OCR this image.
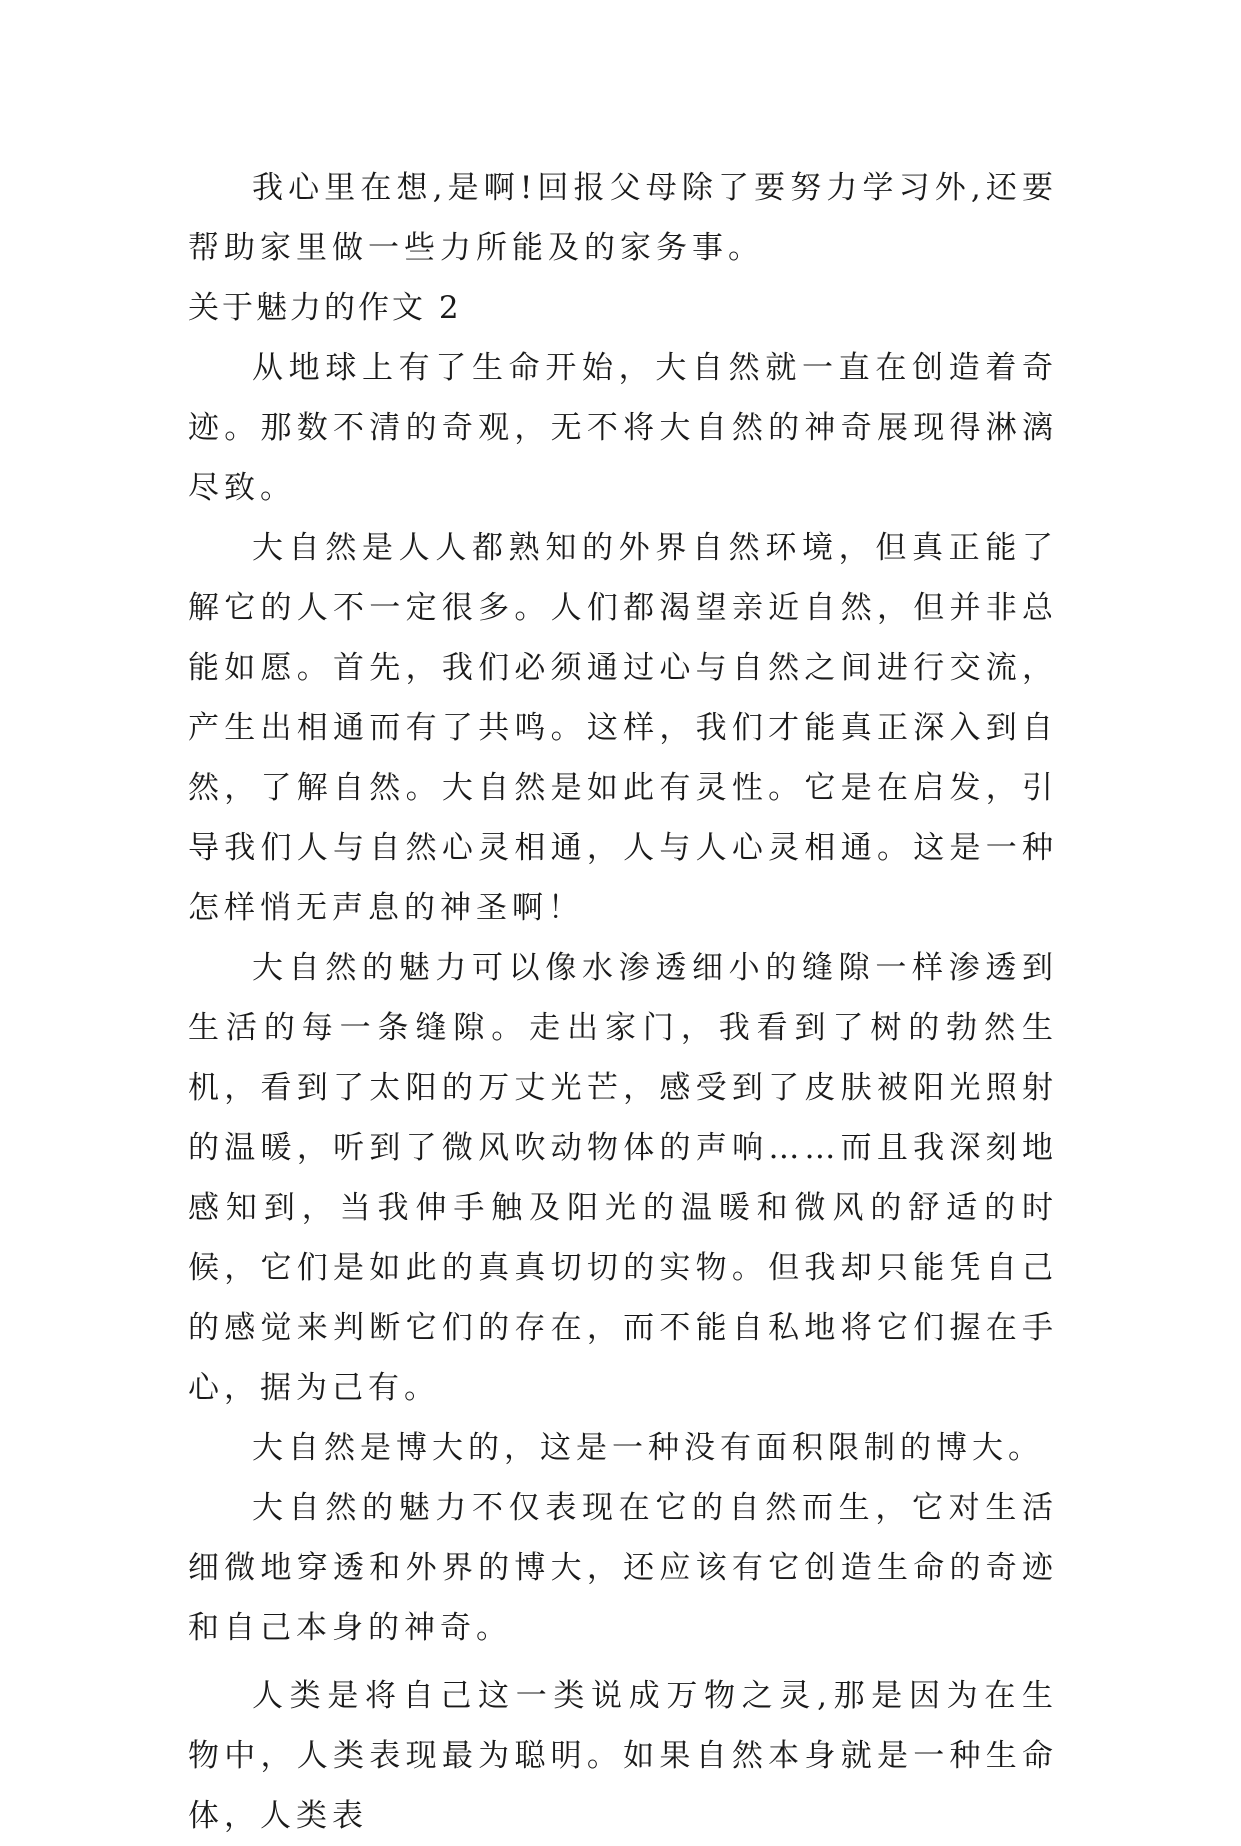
我心里在想,是啊!回报父母除了要努力学习外,还要帮助家里做一些力所能及的家务事。

关于魅力的作文 2

从地球上有了生命开始，大自然就一直在创造着奇迹。那数不清的奇观，无不将大自然的神奇展现得淋漓尽致。

大自然是人人都熟知的外界自然环境，但真正能了解它的人不一定很多。人们都渴望亲近自然，但并非总能如愿。首先，我们必须通过心与自然之间进行交流，产生出相通而有了共鸣。这样，我们才能真正深入到自然，了解自然。大自然是如此有灵性。它是在启发，引导我们人与自然心灵相通，人与人心灵相通。这是一种怎样悄无声息的神圣啊！

大自然的魅力可以像水渗透细小的缝隙一样渗透到生活的每一条缝隙。走出家门，我看到了树的勃然生机，看到了太阳的万丈光芒，感受到了皮肤被阳光照射的温暖，听到了微风吹动物体的声响……而且我深刻地感知到，当我伸手触及阳光的温暖和微风的舒适的时候，它们是如此的真真切切的实物。但我却只能凭自己的感觉来判断它们的存在，而不能自私地将它们握在手心，据为己有。

大自然是博大的，这是一种没有面积限制的博大。

大自然的魅力不仅表现在它的自然而生，它对生活细微地穿透和外界的博大，还应该有它创造生命的奇迹和自己本身的神奇。

人类是将自己这一类说成万物之灵,那是因为在生物中，人类表现最为聪明。如果自然本身就是一种生命体，人类表
